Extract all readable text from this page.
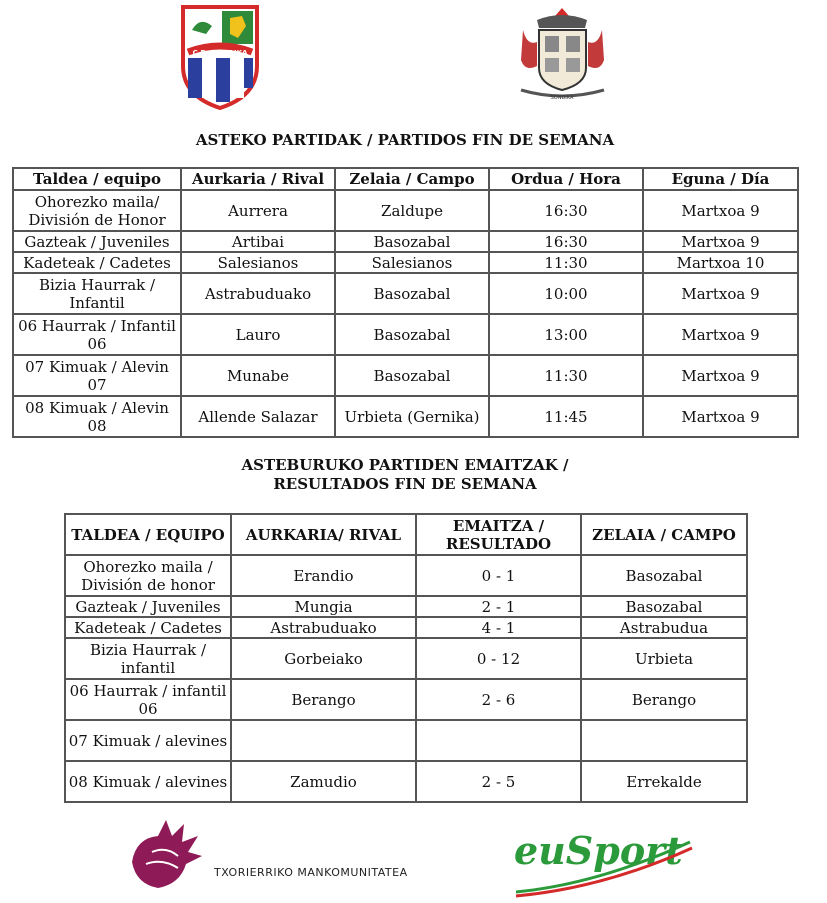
C.D. SONDIKA
SONDIKA
ASTEKO PARTIDAK / PARTIDOS FIN DE SEMANA
Taldea / equipo	Aurkaria / Rival	Zelaia / Campo	Ordua / Hora	Eguna / Día
Ohorezko maila/ División de Honor	Aurrera	Zaldupe	16:30	Martxoa 9
Gazteak / Juveniles	Artibai	Basozabal	16:30	Martxoa 9
Kadeteak / Cadetes	Salesianos	Salesianos	11:30	Martxoa 10
Bizia Haurrak / Infantil	Astrabuduako	Basozabal	10:00	Martxoa 9
06 Haurrak / Infantil 06	Lauro	Basozabal	13:00	Martxoa 9
07 Kimuak / Alevin 07	Munabe	Basozabal	11:30	Martxoa 9
08 Kimuak / Alevin 08	Allende Salazar	Urbieta (Gernika)	11:45	Martxoa 9
ASTEBURUKO PARTIDEN EMAITZAK /
RESULTADOS FIN DE SEMANA
TALDEA / EQUIPO	AURKARIA/ RIVAL	EMAITZA / RESULTADO	ZELAIA / CAMPO
Ohorezko maila / División de honor	Erandio	0 - 1	Basozabal
Gazteak / Juveniles	Mungia	2 - 1	Basozabal
Kadeteak / Cadetes	Astrabuduako	4 - 1	Astrabudua
Bizia Haurrak / infantil	Gorbeiako	0 - 12	Urbieta
06 Haurrak / infantil 06	Berango	2 - 6	Berango
07 Kimuak / alevines			
08 Kimuak / alevines	Zamudio	2 - 5	Errekalde
TXORIERRIKO MANKOMUNITATEA	euSport
